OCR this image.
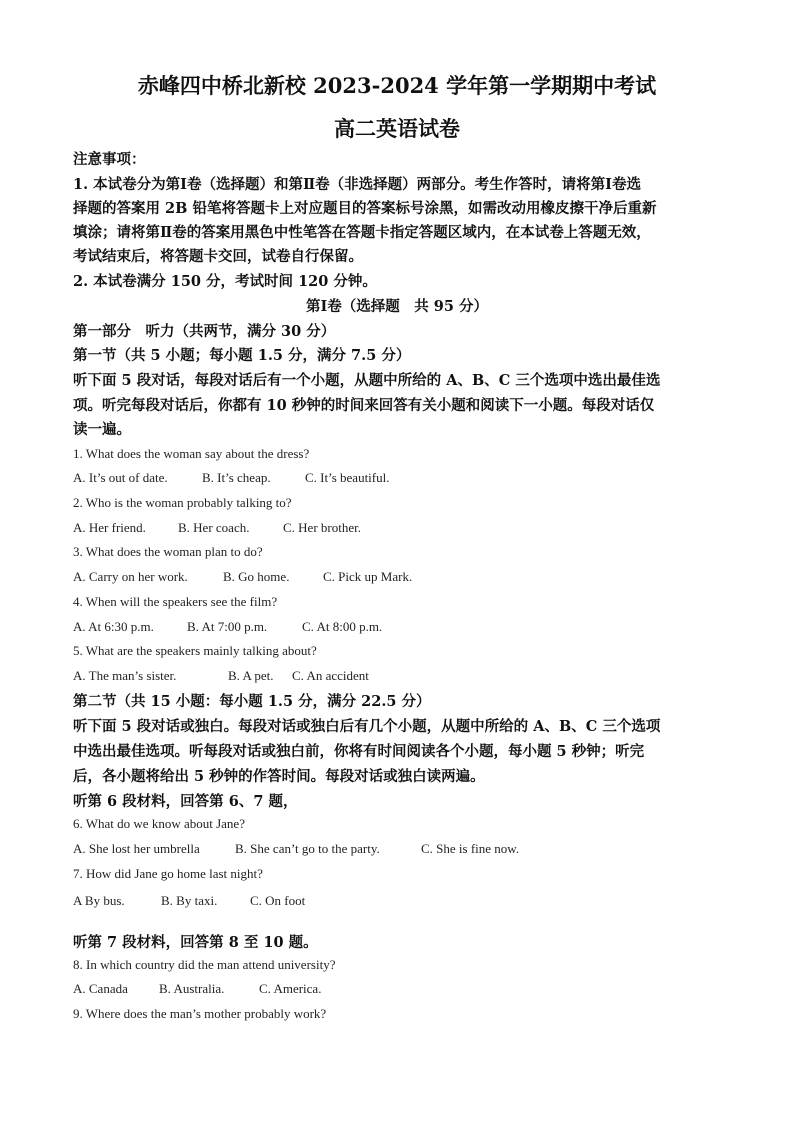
赤峰四中桥北新校 2023-2024 学年第一学期期中考试
高二英语试卷
注意事项：
1. 本试卷分为第Ⅰ卷（选择题）和第Ⅱ卷（非选择题）两部分。考生作答时，请将第Ⅰ卷选
择题的答案用 2B 铅笔将答题卡上对应题目的答案标号涂黑，如需改动用橡皮擦干净后重新
填涂；请将第Ⅱ卷的答案用黑色中性笔答在答题卡指定答题区域内，在本试卷上答题无效，
考试结束后，将答题卡交回，试卷自行保留。
2. 本试卷满分 150 分，考试时间 120 分钟。
第Ⅰ卷（选择题　共 95 分）
第一部分　听力（共两节，满分 30 分）
第一节（共 5 小题；每小题 1.5 分，满分 7.5 分）
听下面 5 段对话，每段对话后有一个小题，从题中所给的 A、B、C 三个选项中选出最佳选
项。听完每段对话后，你都有 10 秒钟的时间来回答有关小题和阅读下一小题。每段对话仅
读一遍。
1. What does the woman say about the dress?
A. It’s out of date.	B. It’s cheap.	C. It’s beautiful.
2. Who is the woman probably talking to?
A. Her friend. B. Her coach.	C. Her brother.
3. What does the woman plan to do?
A. Carry on her work.	B. Go home.	C. Pick up Mark.
4. When will the speakers see the film?
A. At 6:30 p.m.	B. At 7:00 p.m.	C. At 8:00 p.m.
5. What are the speakers mainly talking about?
A. The man’s sister.	B. A pet. C. An accident
第二节（共 15 小题：每小题 1.5 分，满分 22.5 分）
听下面 5 段对话或独白。每段对话或独白后有几个小题，从题中所给的 A、B、C 三个选项
中选出最佳选项。听每段对话或独白前，你将有时间阅读各个小题，每小题 5 秒钟；听完
后，各小题将给出 5 秒钟的作答时间。每段对话或独白读两遍。
听第 6 段材料，回答第 6、7 题，
6. What do we know about Jane?
A. She lost her umbrella	B. She can’t go to the party.	C. She is fine now.
7. How did Jane go home last night?
A By bus.	B. By taxi.	C. On foot
听第 7 段材料，回答第 8 至 10 题。
8. In which country did the man attend university?
A. Canada B. Australia.	C. America.
9. Where does the man’s mother probably work?
